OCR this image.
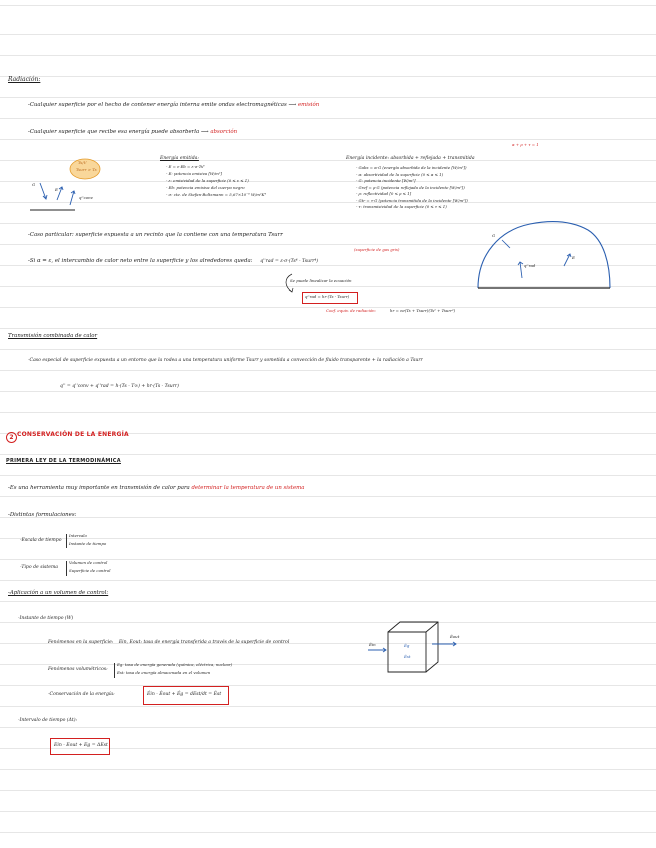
Radiación:
-Cualquier superficie por el hecho de contener energía interna emite ondas electromagnéticas ⟶ emisión
-Cualquier superficie que recibe esa energía puede absorberla ⟶ absorción
Ts/V
Tsurr > Ts
G
E
q''conv
Energía emitida:
- E = ε·Eb = ε·σ·Ts⁴
- E: potencia emisiva [W/m²]
- ε: emisividad de la superficie (0 ≤ ε ≤ 1)
- Eb: potencia emisiva del cuerpo negro
- σ: cte. de Stefan-Boltzmann = 5,67×10⁻⁸ W/m²K⁴
α + ρ + τ = 1
Energía incidente: absorbida + reflejada + transmitida
- Gabs = α·G (energía absorbida de la incidente [W/m²])
- α: absortividad de la superficie (0 ≤ α ≤ 1)
- G: potencia incidente [W/m²]
- Gref = ρ·G (potencia reflejada de la incidente [W/m²])
- ρ: reflectividad [0 ≤ ρ ≤ 1]
- Gtr = τ·G (potencia transmitida de la incidente [W/m²])
- τ: transmisividad de la superficie (0 ≤ τ ≤ 1)
-Caso particular: superficie expuesta a un recinto que la contiene con una temperatura Tsurr
(superficie de gas gris)
-Si α = ε, el intercambio de calor neto entre la superficie y los alrededores queda: q''rad = ε·σ·(Ts⁴ - Tsurr⁴)
Se puede linealizar la ecuación
q''rad = hr·(Ts - Tsurr)
Coef. equiv. de radiación:	hr = εσ(Ts + Tsurr)(Ts² + Tsurr²)
G
q''rad
E
Transmisión combinada de calor
-Caso especial de superficie expuesta a un entorno que la rodea a una temperatura uniforme Tsurr y sometida a convección de fluido transparente + la radiación a Tsurr
q'' = q''conv + q''rad = h·(Ts - T∞) + hr·(Ts - Tsurr)
2 CONSERVACIÓN DE LA ENERGÍA
PRIMERA LEY DE LA TERMODINÁMICA
-Es una herramienta muy importante en transmisión de calor para determinar la temperatura de un sistema
-Distintas formulaciones:
-Escala de tiempo
Intervalo
Instante de tiempo
-Tipo de sistema
Volumen de control
Superficie de control
-Aplicación a un volumen de control:
-Instante de tiempo (W)
Fenómenos en la superficie: Ein, Eout: tasa de energía transferida a través de la superficie de control
Fenómenos volumétricos:
Eg: tasa de energía generada (química, eléctrica, nuclear)
Est: tasa de energía almacenada en el volumen
-Conservación de la energía:	Ėin - Ėout + Ėg = dEst/dt = Ėst
-Intervalo de tiempo (Δt):
Ein - Eout + Eg = ΔEst
Ėin
Ėout
Ėg
Ėst
